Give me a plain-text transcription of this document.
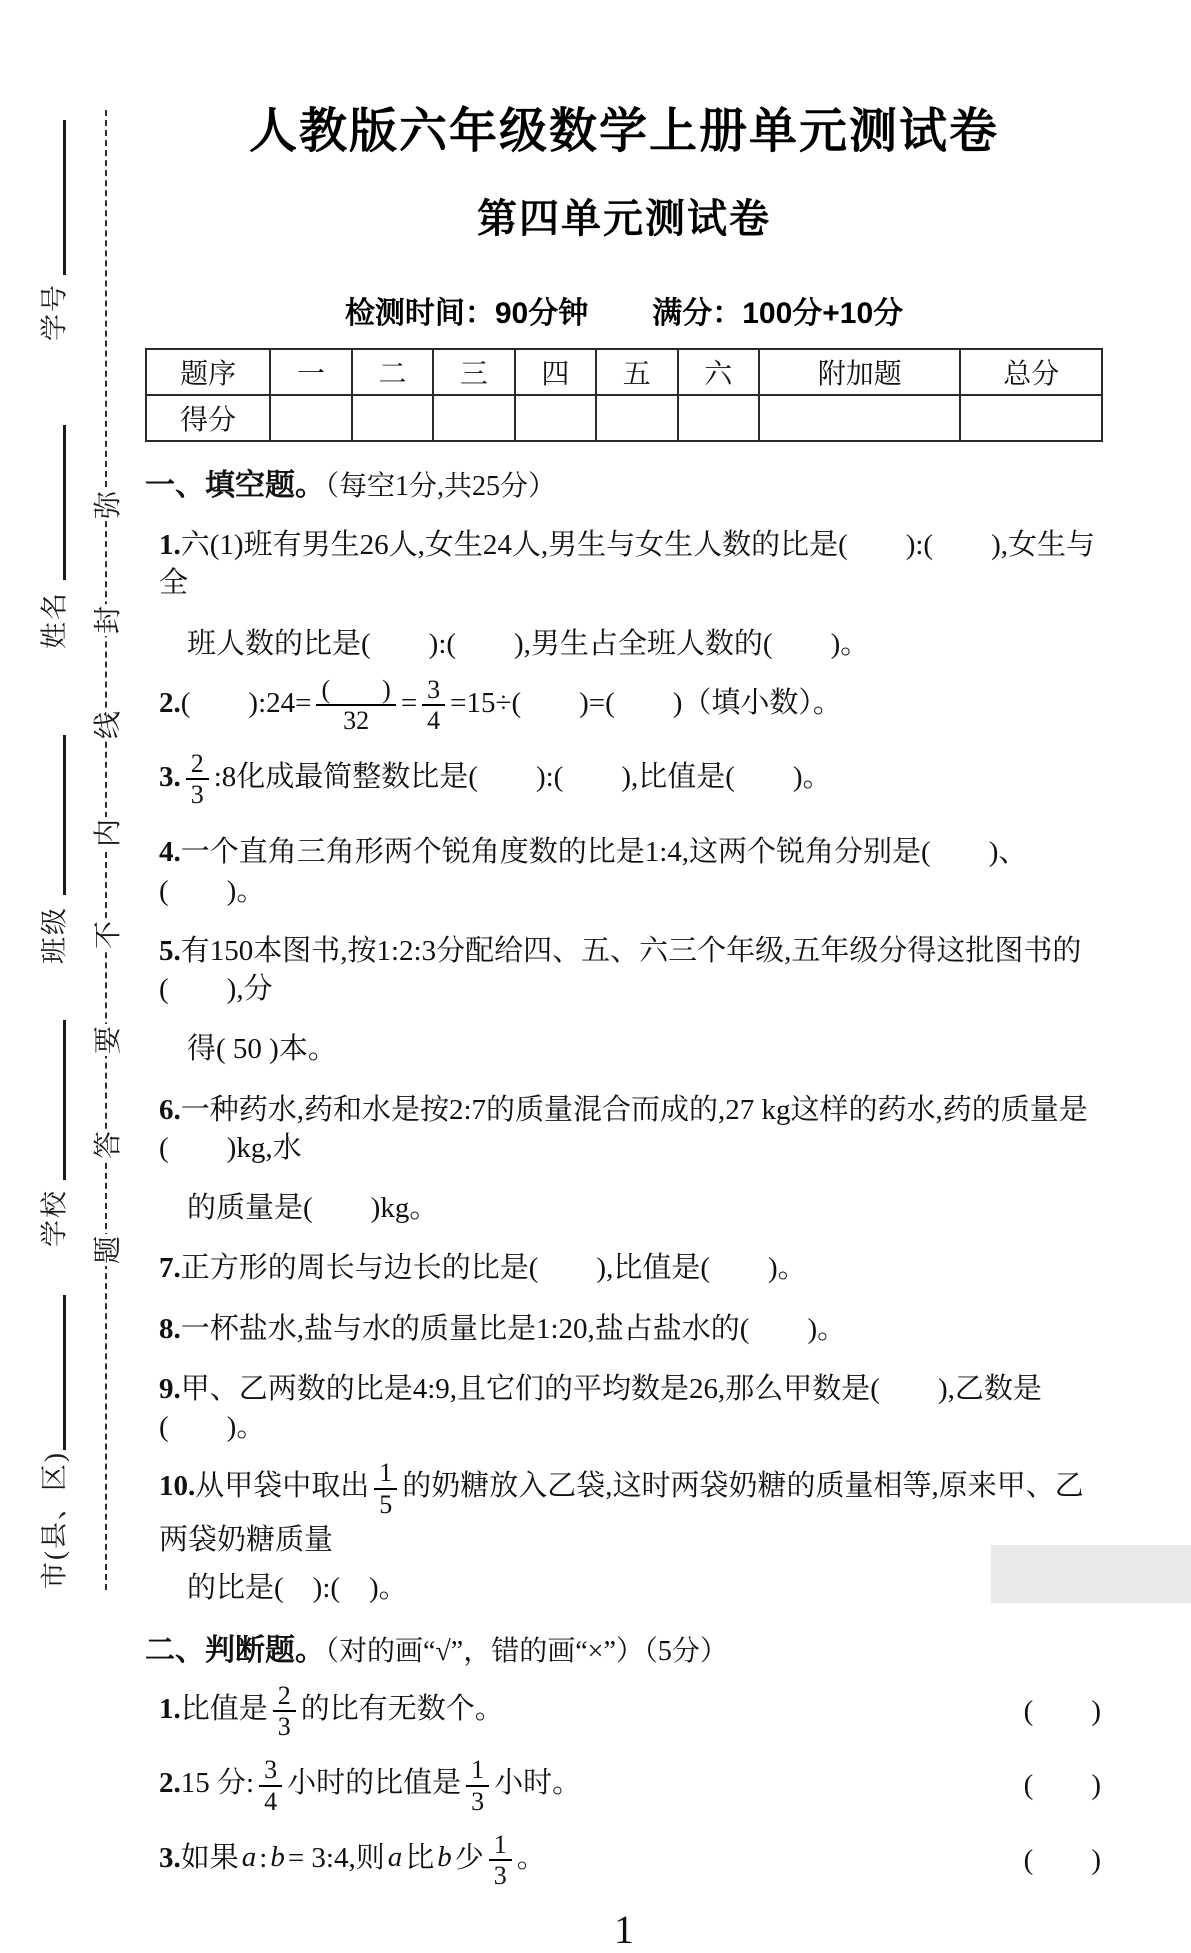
学号
姓名
班级
学校
市(县、区)
弥
封
线
内
不
要
答
题
人教版六年级数学上册单元测试卷
第四单元测试卷
检测时间：90分钟 满分：100分+10分
题序	一	二	三	四	五	六	附加题	总分
得分								
一、填空题。（每空1分,共25分）
1.六(1)班有男生26人,女生24人,男生与女生人数的比是(　　):(　　),女生与全
班人数的比是(　　):(　　),男生占全班人数的(　　)。
2.(　　):24= $\frac{( )}{32} = \frac{3}{4} =15\div$(　　)=(　　)（填小数）。
3. $\frac{2}{3}$ :8化成最简整数比是(　　):(　　),比值是(　　)。
4.一个直角三角形两个锐角度数的比是1:4,这两个锐角分别是(　　)、(　　)。
5.有150本图书,按1:2:3分配给四、五、六三个年级,五年级分得这批图书的(　　),分
得( 50 )本。
6.一种药水,药和水是按2:7的质量混合而成的,27 kg这样的药水,药的质量是(　　)kg,水
的质量是(　　)kg。
7.正方形的周长与边长的比是(　　),比值是(　　)。
8.一杯盐水,盐与水的质量比是1:20,盐占盐水的(　　)。
9.甲、乙两数的比是4:9,且它们的平均数是26,那么甲数是(　　),乙数是(　　)。
10.从甲袋中取出 $\frac{1}{5}$ 的奶糖放入乙袋,这时两袋奶糖的质量相等,原来甲、乙两袋奶糖质量
的比是(　):(　)。
二、判断题。（对的画“√”，错的画“×”）（5分）
1.比值是 $\frac{2}{3}$ 的比有无数个。	(　　)
2.15 分: $\frac{3}{4}$ 小时的比值是 $\frac{1}{3}$ 小时。	(　　)
3.如果 a : b = 3:4,则 a 比 b 少 $\frac{1}{3}$ 。	(　　)
1
